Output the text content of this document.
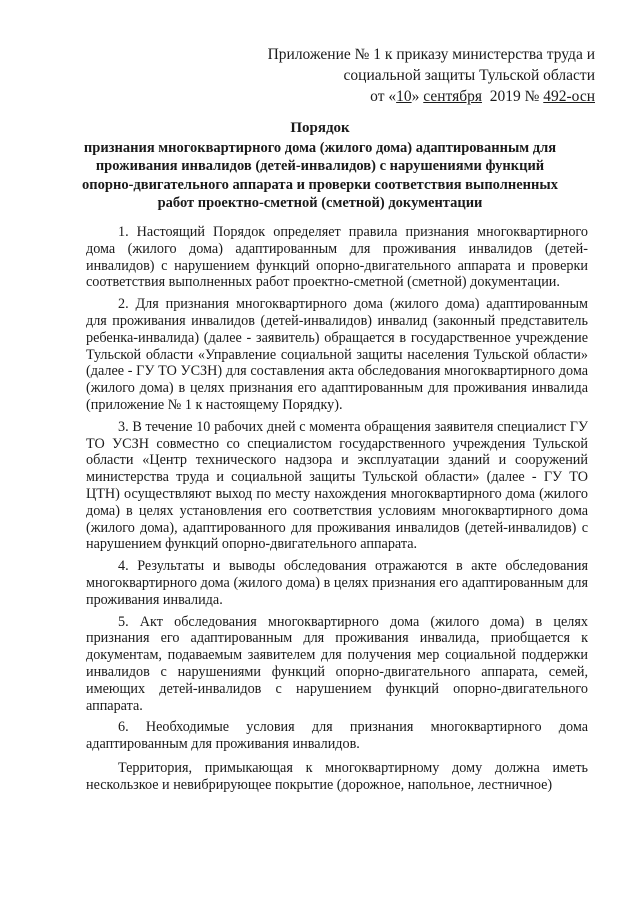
Приложение № 1 к приказу министерства труда и
социальной защиты Тульской области
от «10» сентября  2019 № 492-осн
Порядок
признания многоквартирного дома (жилого дома) адаптированным для проживания инвалидов (детей-инвалидов) с нарушениями функций опорно-двигательного аппарата и проверки соответствия выполненных работ проектно-сметной (сметной) документации

1. Настоящий Порядок определяет правила признания многоквартирного дома (жилого дома) адаптированным для проживания инвалидов (детей-инвалидов) с нарушением функций опорно-двигательного аппарата и проверки соответствия выполненных работ проектно-сметной (сметной) документации.

2. Для признания многоквартирного дома (жилого дома) адаптированным для проживания инвалидов (детей-инвалидов) инвалид (законный представитель ребенка-инвалида) (далее - заявитель) обращается в государственное учреждение Тульской области «Управление социальной защиты населения Тульской области» (далее - ГУ ТО УСЗН) для составления акта обследования многоквартирного дома (жилого дома) в целях признания его адаптированным для проживания инвалида (приложение № 1 к настоящему Порядку).

3. В течение 10 рабочих дней с момента обращения заявителя специалист ГУ ТО УСЗН совместно со специалистом государственного учреждения Тульской области «Центр технического надзора и эксплуатации зданий и сооружений министерства труда и социальной защиты Тульской области» (далее - ГУ ТО ЦТН) осуществляют выход по месту нахождения многоквартирного дома (жилого дома) в целях установления его соответствия условиям многоквартирного дома (жилого дома), адаптированного для проживания инвалидов (детей-инвалидов) с нарушением функций опорно-двигательного аппарата.

4. Результаты и выводы обследования отражаются в акте обследования многоквартирного дома (жилого дома) в целях признания его адаптированным для проживания инвалида.

5. Акт обследования многоквартирного дома (жилого дома) в целях признания его адаптированным для проживания инвалида, приобщается к документам, подаваемым заявителем для получения мер социальной поддержки инвалидов с нарушениями функций опорно-двигательного аппарата, семей, имеющих детей-инвалидов с нарушением функций опорно-двигательного аппарата.

6. Необходимые условия для признания многоквартирного дома адаптированным для проживания инвалидов.

Территория, примыкающая к многоквартирному дому должна иметь нескользкое и невибрирующее покрытие (дорожное, напольное, лестничное)
